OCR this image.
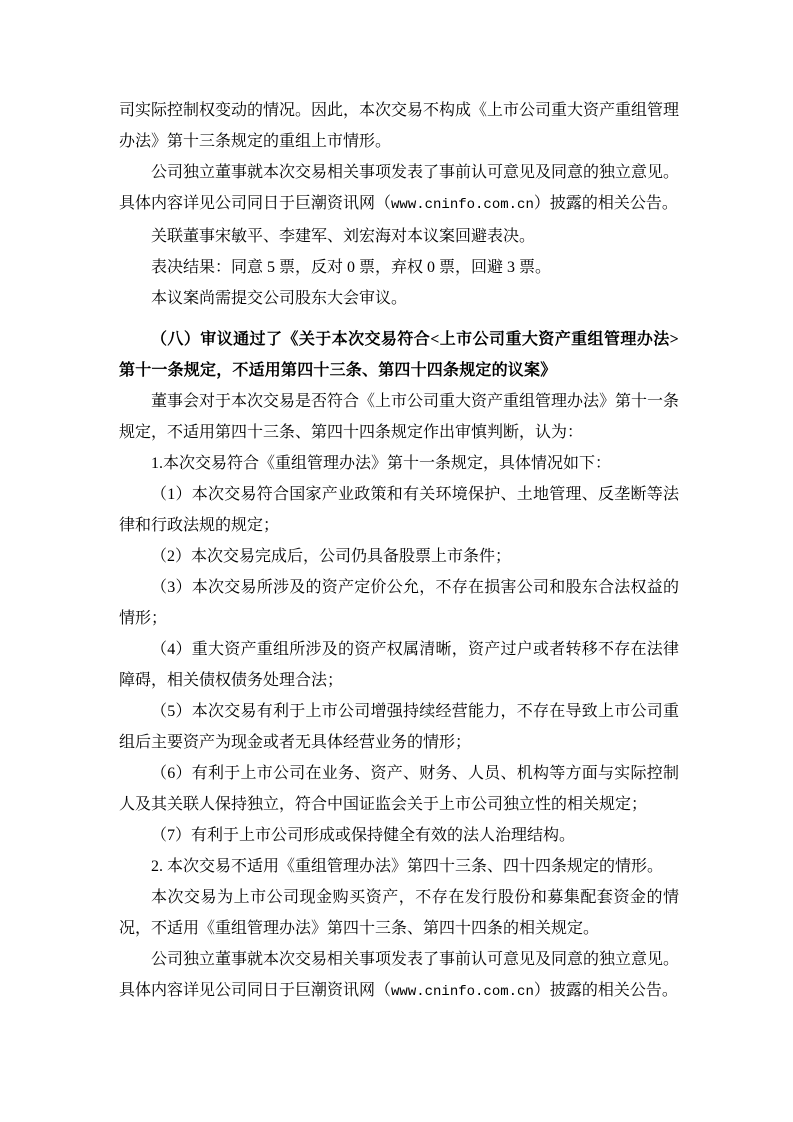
司实际控制权变动的情况。因此，本次交易不构成《上市公司重大资产重组管理办法》第十三条规定的重组上市情形。

公司独立董事就本次交易相关事项发表了事前认可意见及同意的独立意见。具体内容详见公司同日于巨潮资讯网（www.cninfo.com.cn）披露的相关公告。

关联董事宋敏平、李建军、刘宏海对本议案回避表决。

表决结果：同意 5 票，反对 0 票，弃权 0 票，回避 3 票。

本议案尚需提交公司股东大会审议。

（八）审议通过了《关于本次交易符合<上市公司重大资产重组管理办法>第十一条规定，不适用第四十三条、第四十四条规定的议案》

董事会对于本次交易是否符合《上市公司重大资产重组管理办法》第十一条规定，不适用第四十三条、第四十四条规定作出审慎判断，认为：

1.本次交易符合《重组管理办法》第十一条规定，具体情况如下：

（1）本次交易符合国家产业政策和有关环境保护、土地管理、反垄断等法律和行政法规的规定；

（2）本次交易完成后，公司仍具备股票上市条件；

（3）本次交易所涉及的资产定价公允，不存在损害公司和股东合法权益的情形；

（4）重大资产重组所涉及的资产权属清晰，资产过户或者转移不存在法律障碍，相关债权债务处理合法；

（5）本次交易有利于上市公司增强持续经营能力，不存在导致上市公司重组后主要资产为现金或者无具体经营业务的情形；

（6）有利于上市公司在业务、资产、财务、人员、机构等方面与实际控制人及其关联人保持独立，符合中国证监会关于上市公司独立性的相关规定；

（7）有利于上市公司形成或保持健全有效的法人治理结构。

2. 本次交易不适用《重组管理办法》第四十三条、四十四条规定的情形。

本次交易为上市公司现金购买资产，不存在发行股份和募集配套资金的情况，不适用《重组管理办法》第四十三条、第四十四条的相关规定。

公司独立董事就本次交易相关事项发表了事前认可意见及同意的独立意见。具体内容详见公司同日于巨潮资讯网（www.cninfo.com.cn）披露的相关公告。
